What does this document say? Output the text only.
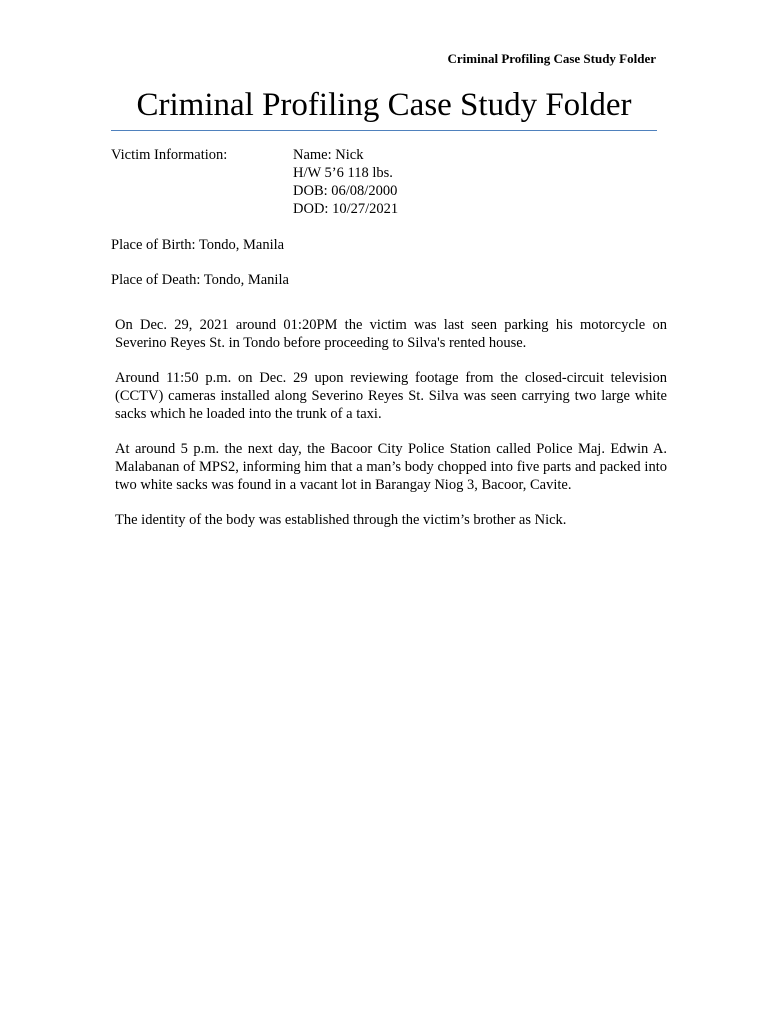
Criminal Profiling Case Study Folder
Criminal Profiling Case Study Folder
Victim Information:	Name: Nick
H/W 5’6 118 lbs.
DOB: 06/08/2000
DOD: 10/27/2021
Place of Birth: Tondo, Manila
Place of Death: Tondo, Manila

On Dec. 29, 2021 around 01:20PM the victim was last seen parking his motorcycle on Severino Reyes St. in Tondo before proceeding to Silva's rented house.

Around 11:50 p.m. on Dec. 29 upon reviewing footage from the closed-circuit television (CCTV) cameras installed along Severino Reyes St. Silva was seen carrying two large white sacks which he loaded into the trunk of a taxi.

At around 5 p.m. the next day, the Bacoor City Police Station called Police Maj. Edwin A. Malabanan of MPS2, informing him that a man’s body chopped into five parts and packed into two white sacks was found in a vacant lot in Barangay Niog 3, Bacoor, Cavite.

The identity of the body was established through the victim’s brother as Nick.
